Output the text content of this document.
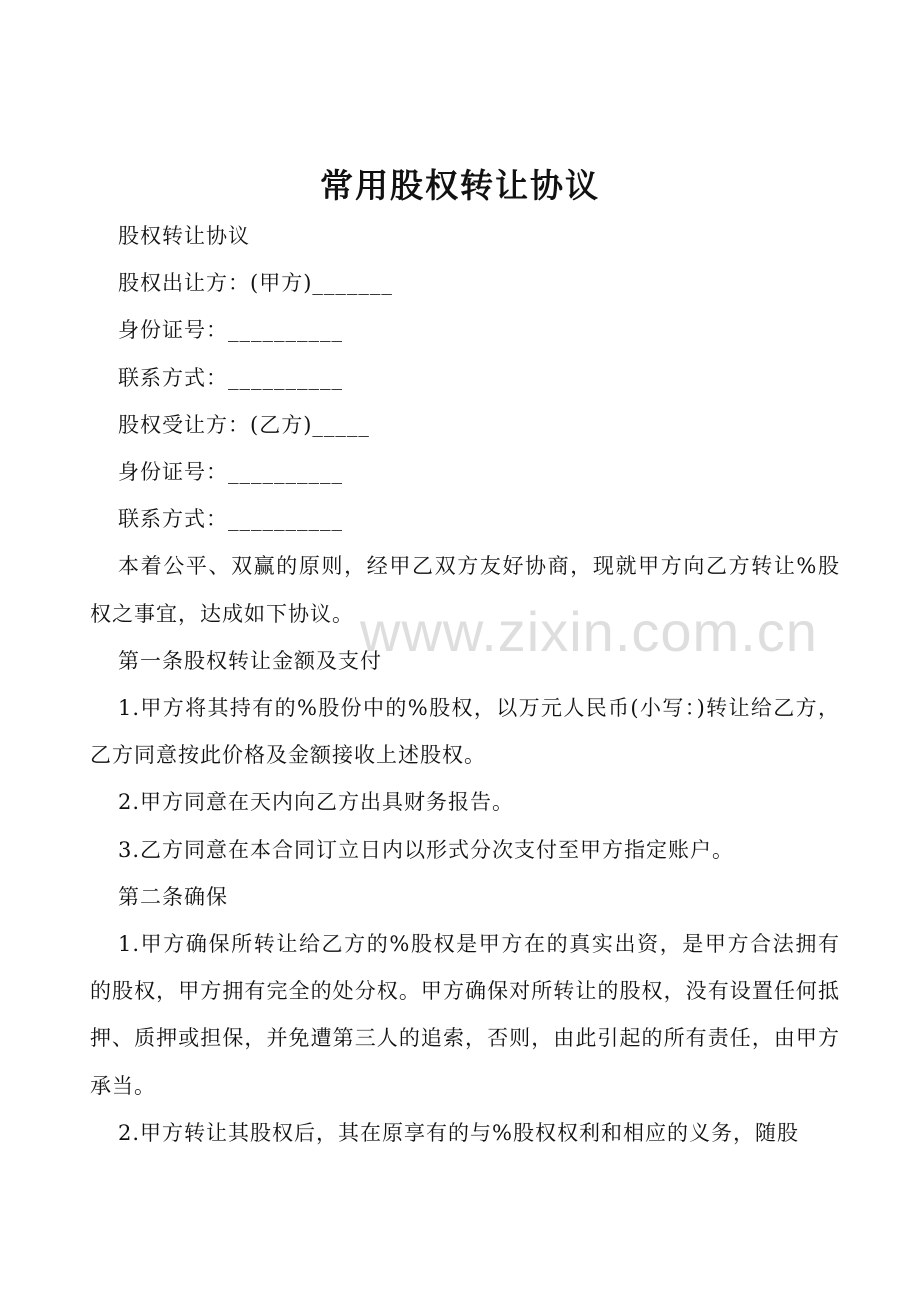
常用股权转让协议

股权转让协议

股权出让方：(甲方)_______

身份证号：__________

联系方式：__________

股权受让方：(乙方)_____

身份证号：__________

联系方式：__________

本着公平、双赢的原则，经甲乙双方友好协商，现就甲方向乙方转让%股权之事宜，达成如下协议。

第一条股权转让金额及支付

1.甲方将其持有的%股份中的%股权，以万元人民币(小写：)转让给乙方，乙方同意按此价格及金额接收上述股权。

2.甲方同意在天内向乙方出具财务报告。

3.乙方同意在本合同订立日内以形式分次支付至甲方指定账户。

第二条确保

1.甲方确保所转让给乙方的%股权是甲方在的真实出资，是甲方合法拥有的股权，甲方拥有完全的处分权。甲方确保对所转让的股权，没有设置任何抵押、质押或担保，并免遭第三人的追索，否则，由此引起的所有责任，由甲方承当。

2.甲方转让其股权后，其在原享有的与%股权权利和相应的义务，随股

www.zixin.com.cn
